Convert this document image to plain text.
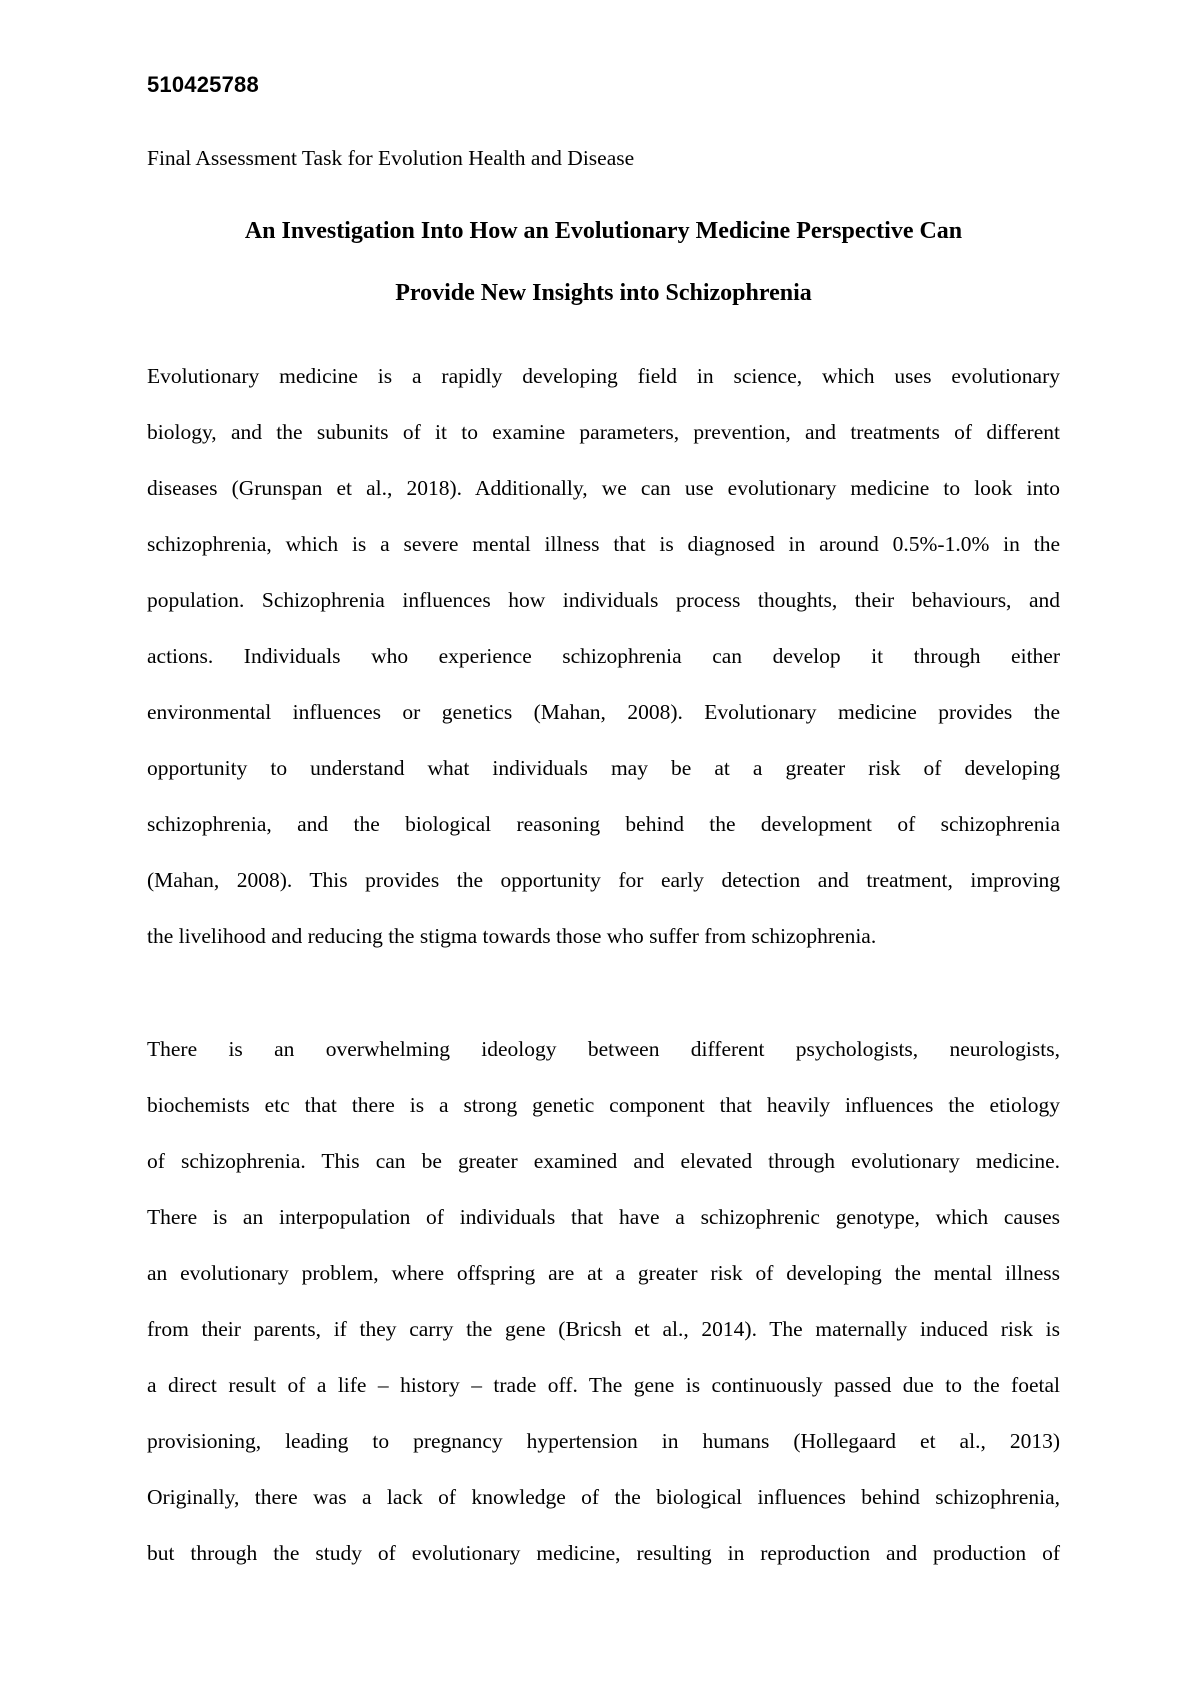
510425788

Final Assessment Task for Evolution Health and Disease

An Investigation Into How an Evolutionary Medicine Perspective Can
Provide New Insights into Schizophrenia
Evolutionary medicine is a rapidly developing field in science, which uses evolutionary
biology, and the subunits of it to examine parameters, prevention, and treatments of different
diseases (Grunspan et al., 2018). Additionally, we can use evolutionary medicine to look into
schizophrenia, which is a severe mental illness that is diagnosed in around 0.5%-1.0% in the
population. Schizophrenia influences how individuals process thoughts, their behaviours, and
actions. Individuals who experience schizophrenia can develop it through either
environmental influences or genetics (Mahan, 2008). Evolutionary medicine provides the
opportunity to understand what individuals may be at a greater risk of developing
schizophrenia, and the biological reasoning behind the development of schizophrenia
(Mahan, 2008). This provides the opportunity for early detection and treatment, improving
the livelihood and reducing the stigma towards those who suffer from schizophrenia.
There is an overwhelming ideology between different psychologists, neurologists,
biochemists etc that there is a strong genetic component that heavily influences the etiology
of schizophrenia. This can be greater examined and elevated through evolutionary medicine.
There is an interpopulation of individuals that have a schizophrenic genotype, which causes
an evolutionary problem, where offspring are at a greater risk of developing the mental illness
from their parents, if they carry the gene (Bricsh et al., 2014). The maternally induced risk is
a direct result of a life – history – trade off. The gene is continuously passed due to the foetal
provisioning, leading to pregnancy hypertension in humans (Hollegaard et al., 2013)
Originally, there was a lack of knowledge of the biological influences behind schizophrenia,
but through the study of evolutionary medicine, resulting in reproduction and production of
